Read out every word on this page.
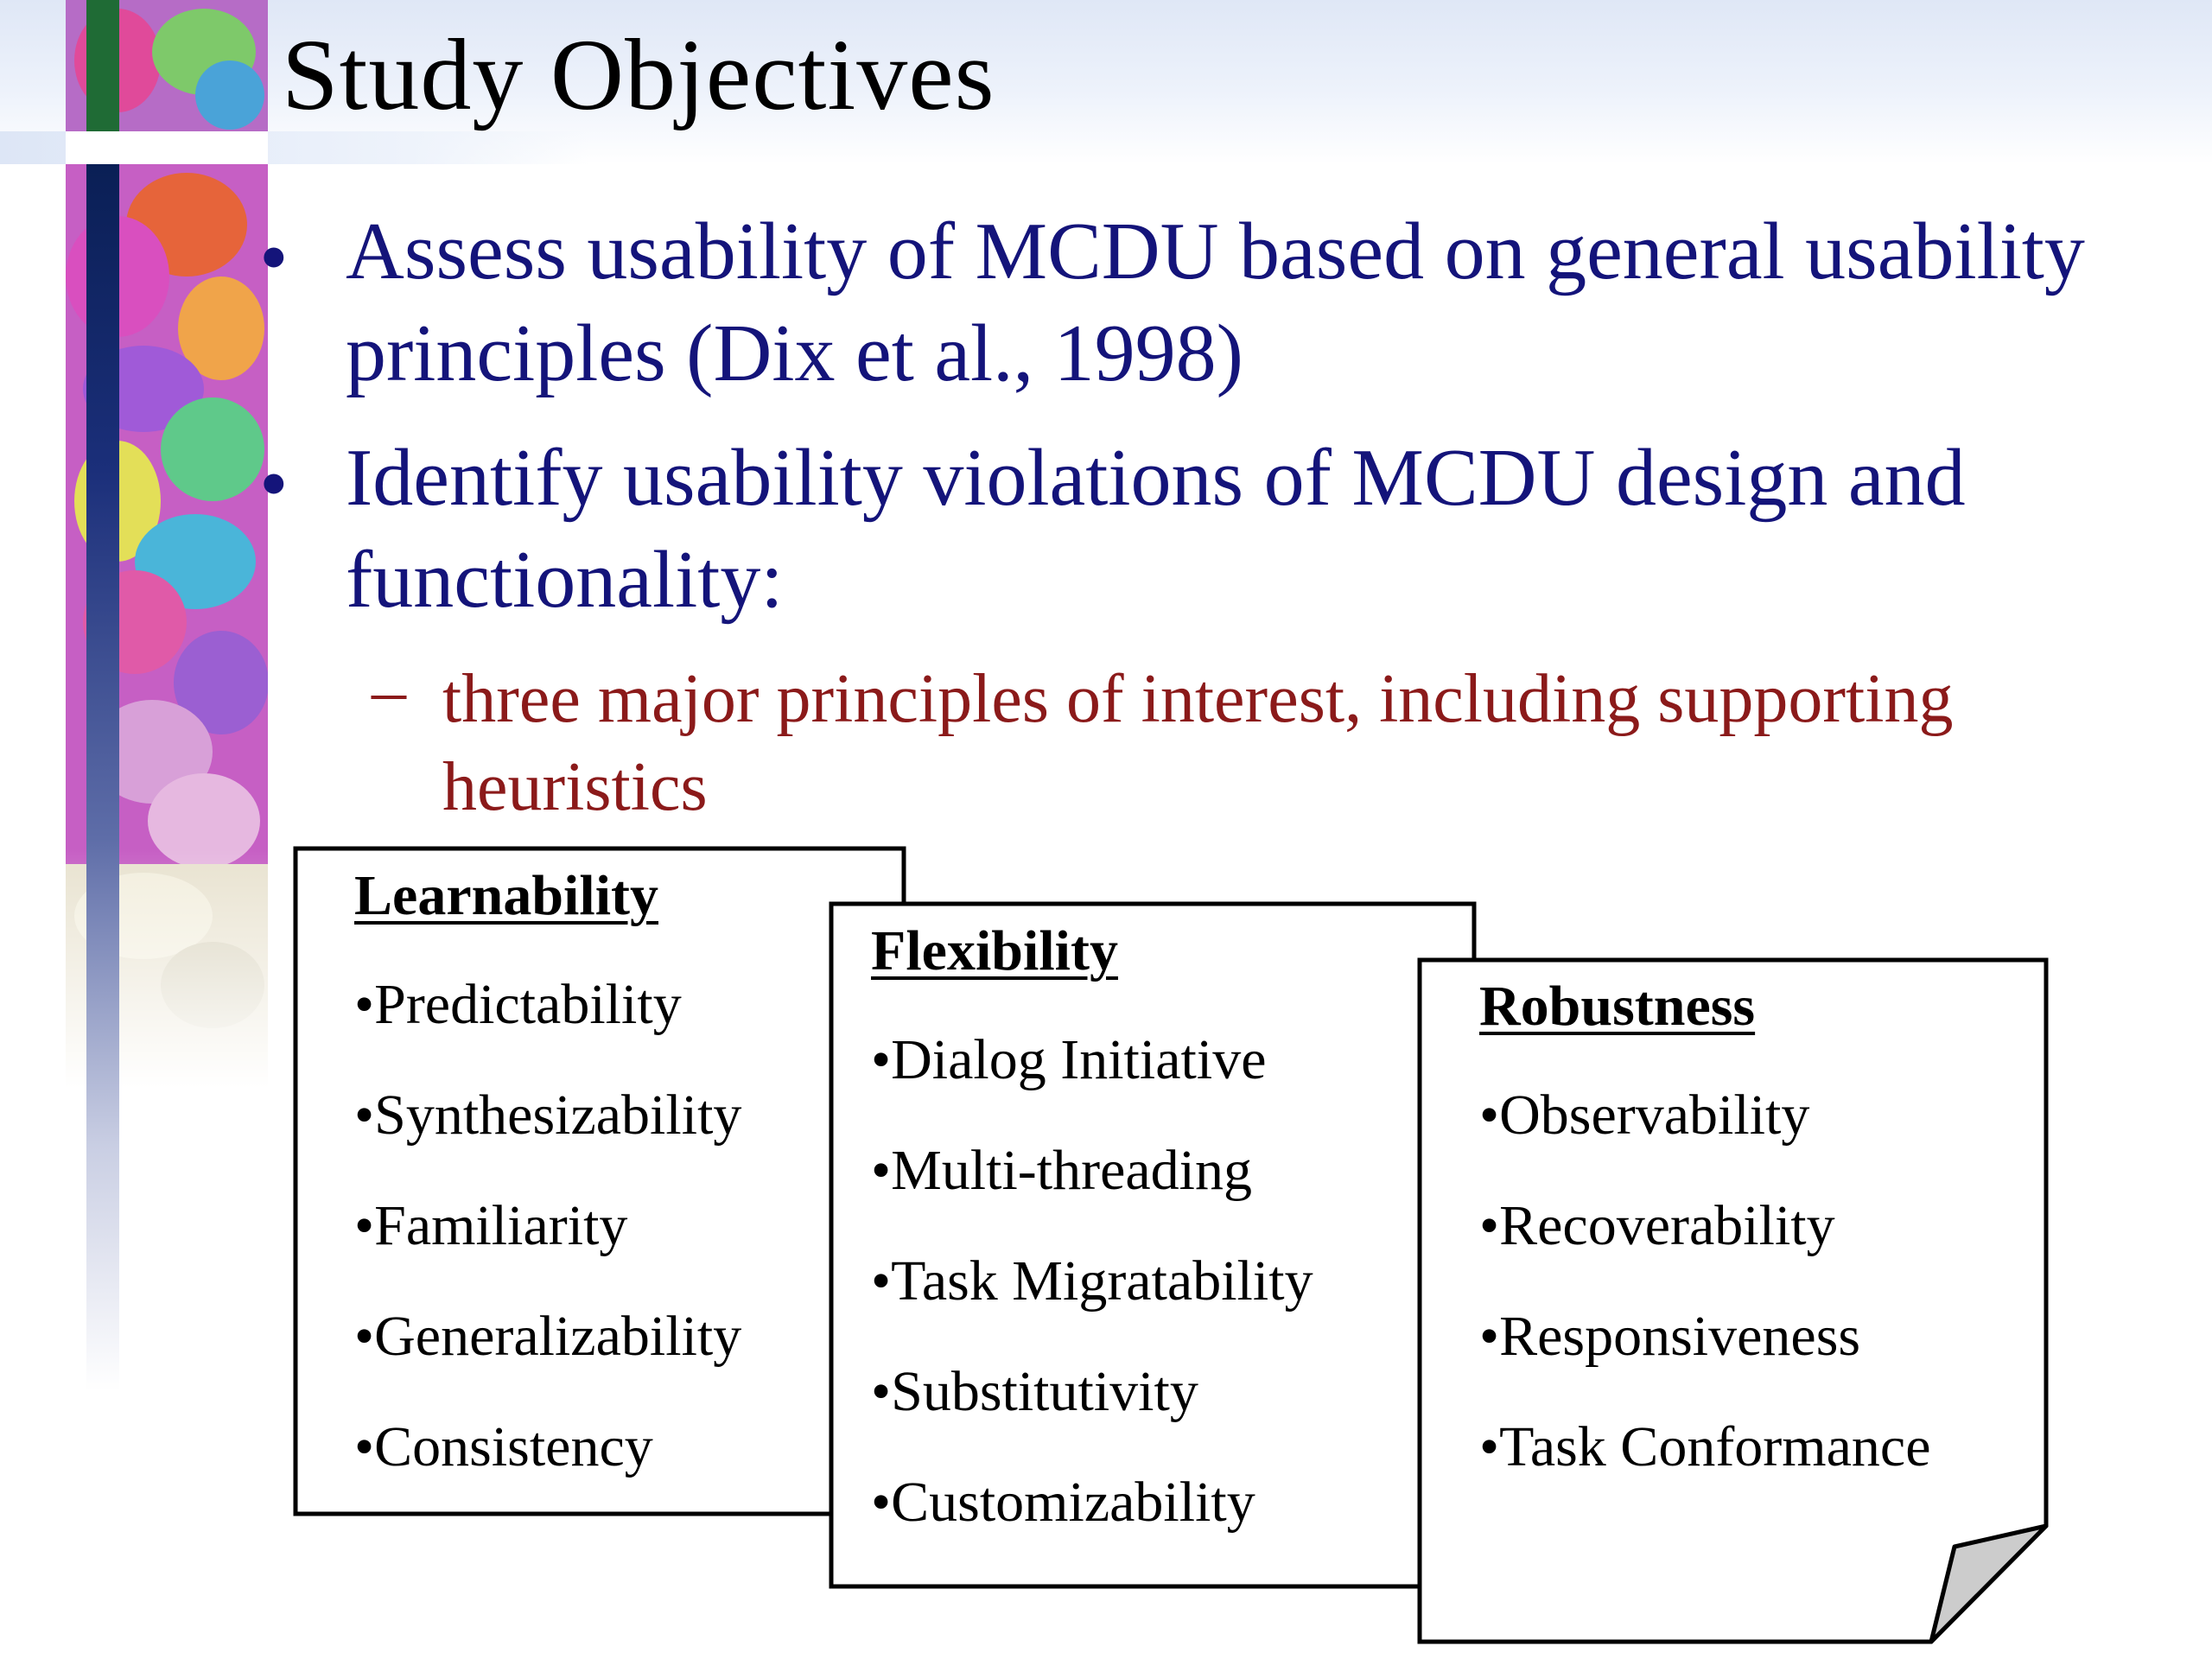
Study Objectives
• Assess usability of MCDU based on general usability
principles (Dix et al., 1998)
• Identify usability violations of MCDU design and
functionality:
– three major principles of interest, including supporting
heuristics
Learnability
•Predictability
•Synthesizability
•Familiarity
•Generalizability
•Consistency
Flexibility
•Dialog Initiative
•Multi-threading
•Task Migratability
•Substitutivity
•Customizability
Robustness
•Observability
•Recoverability
•Responsiveness
•Task Conformance
